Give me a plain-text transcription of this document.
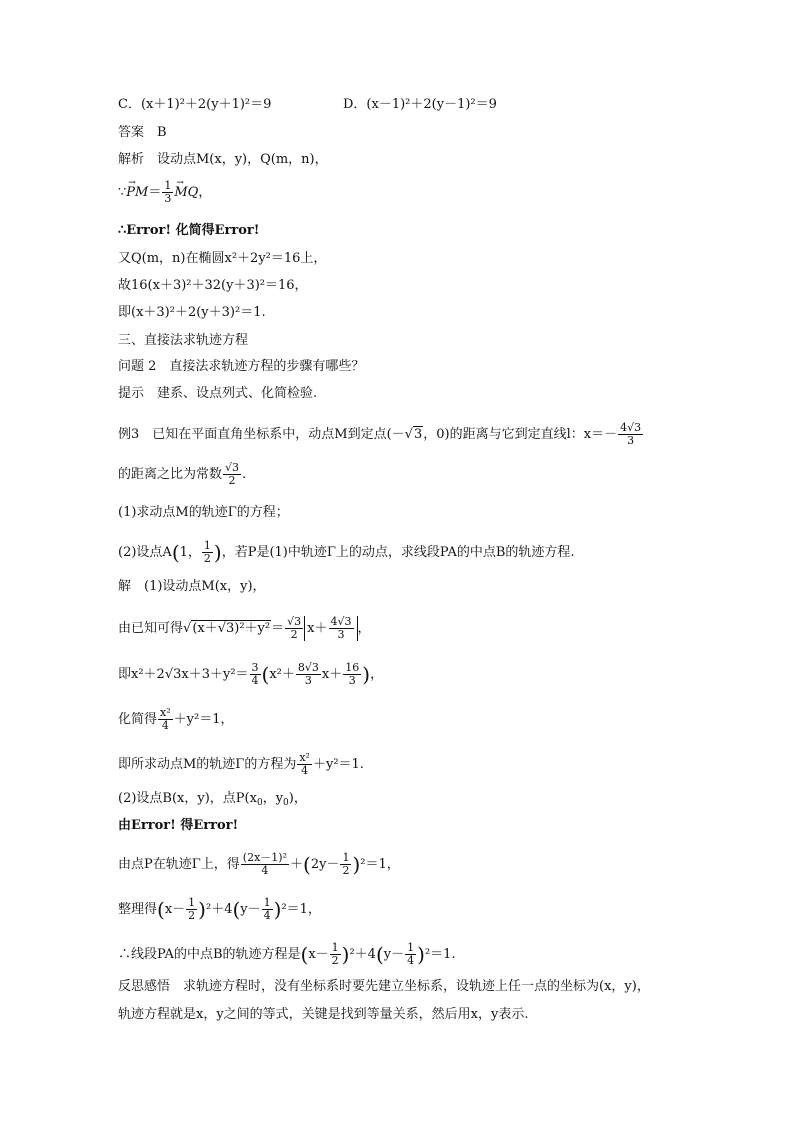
C．(x＋1)²＋2(y＋1)²＝9	D．(x－1)²＋2(y－1)²＝9
答案　B
解析　设动点M(x，y)，Q(m，n)，
∵→ $PM= \frac{1}{3}$
→ MQ，
∴Error! 化简得Error!
又Q(m，n)在椭圆x²＋2y²＝16上，
故16(x＋3)²＋32(y＋3)²＝16，
即(x＋3)²＋2(y＋3)²＝1.
三、直接法求轨迹方程
问题 2　直接法求轨迹方程的步骤有哪些？
提示　建系、设点列式、化简检验.
例3　已知在平面直角坐标系中，动点M到定点(－√3，0)的距离与它到定直线l：$x=- \frac{4√3}{3}$
的距离之比为常数 $\frac{√3}{2}$ .
(1)求动点M的轨迹Γ的方程；
(2)设点A(1， $\frac{1}{2}$ )，若P是(1)中轨迹Γ上的动点，求线段PA的中点B的轨迹方程.
解　(1)设动点M(x，y)，
由已知可得$√(x+√3)^2+y^2= \frac{√3}{2} x+ \frac{4√3}{3}$ ，
即$x^2+2√3x+3+y^2= \frac{3}{4} (x^2+ \frac{8√3}{3} x+ \frac{16}{3}$ )，
化简得 $\frac{\text{x²}}{4} +y^2=1$，
即所求动点M的轨迹Γ的方程为 $\frac{\text{x²}}{4} +y^2=1$.
(2)设点B(x，y)，点$P(x_0$，$y_0$)，
由Error! 得Error!
由点P在轨迹Γ上，得 $\frac{\text{(2x－1)²}}{4} +(2y- \frac{1}{2} )^2=1$，
整理得$(x- \frac{1}{2} )^2+4(y- \frac{1}{4} )^2=1$，
∴线段PA的中点B的轨迹方程是$(x- \frac{1}{2} )^2+4(y- \frac{1}{4} )^2=1$.
反思感悟　求轨迹方程时，没有坐标系时要先建立坐标系，设轨迹上任一点的坐标为(x，y)，
轨迹方程就是x，y之间的等式，关键是找到等量关系，然后用x，y表示.
